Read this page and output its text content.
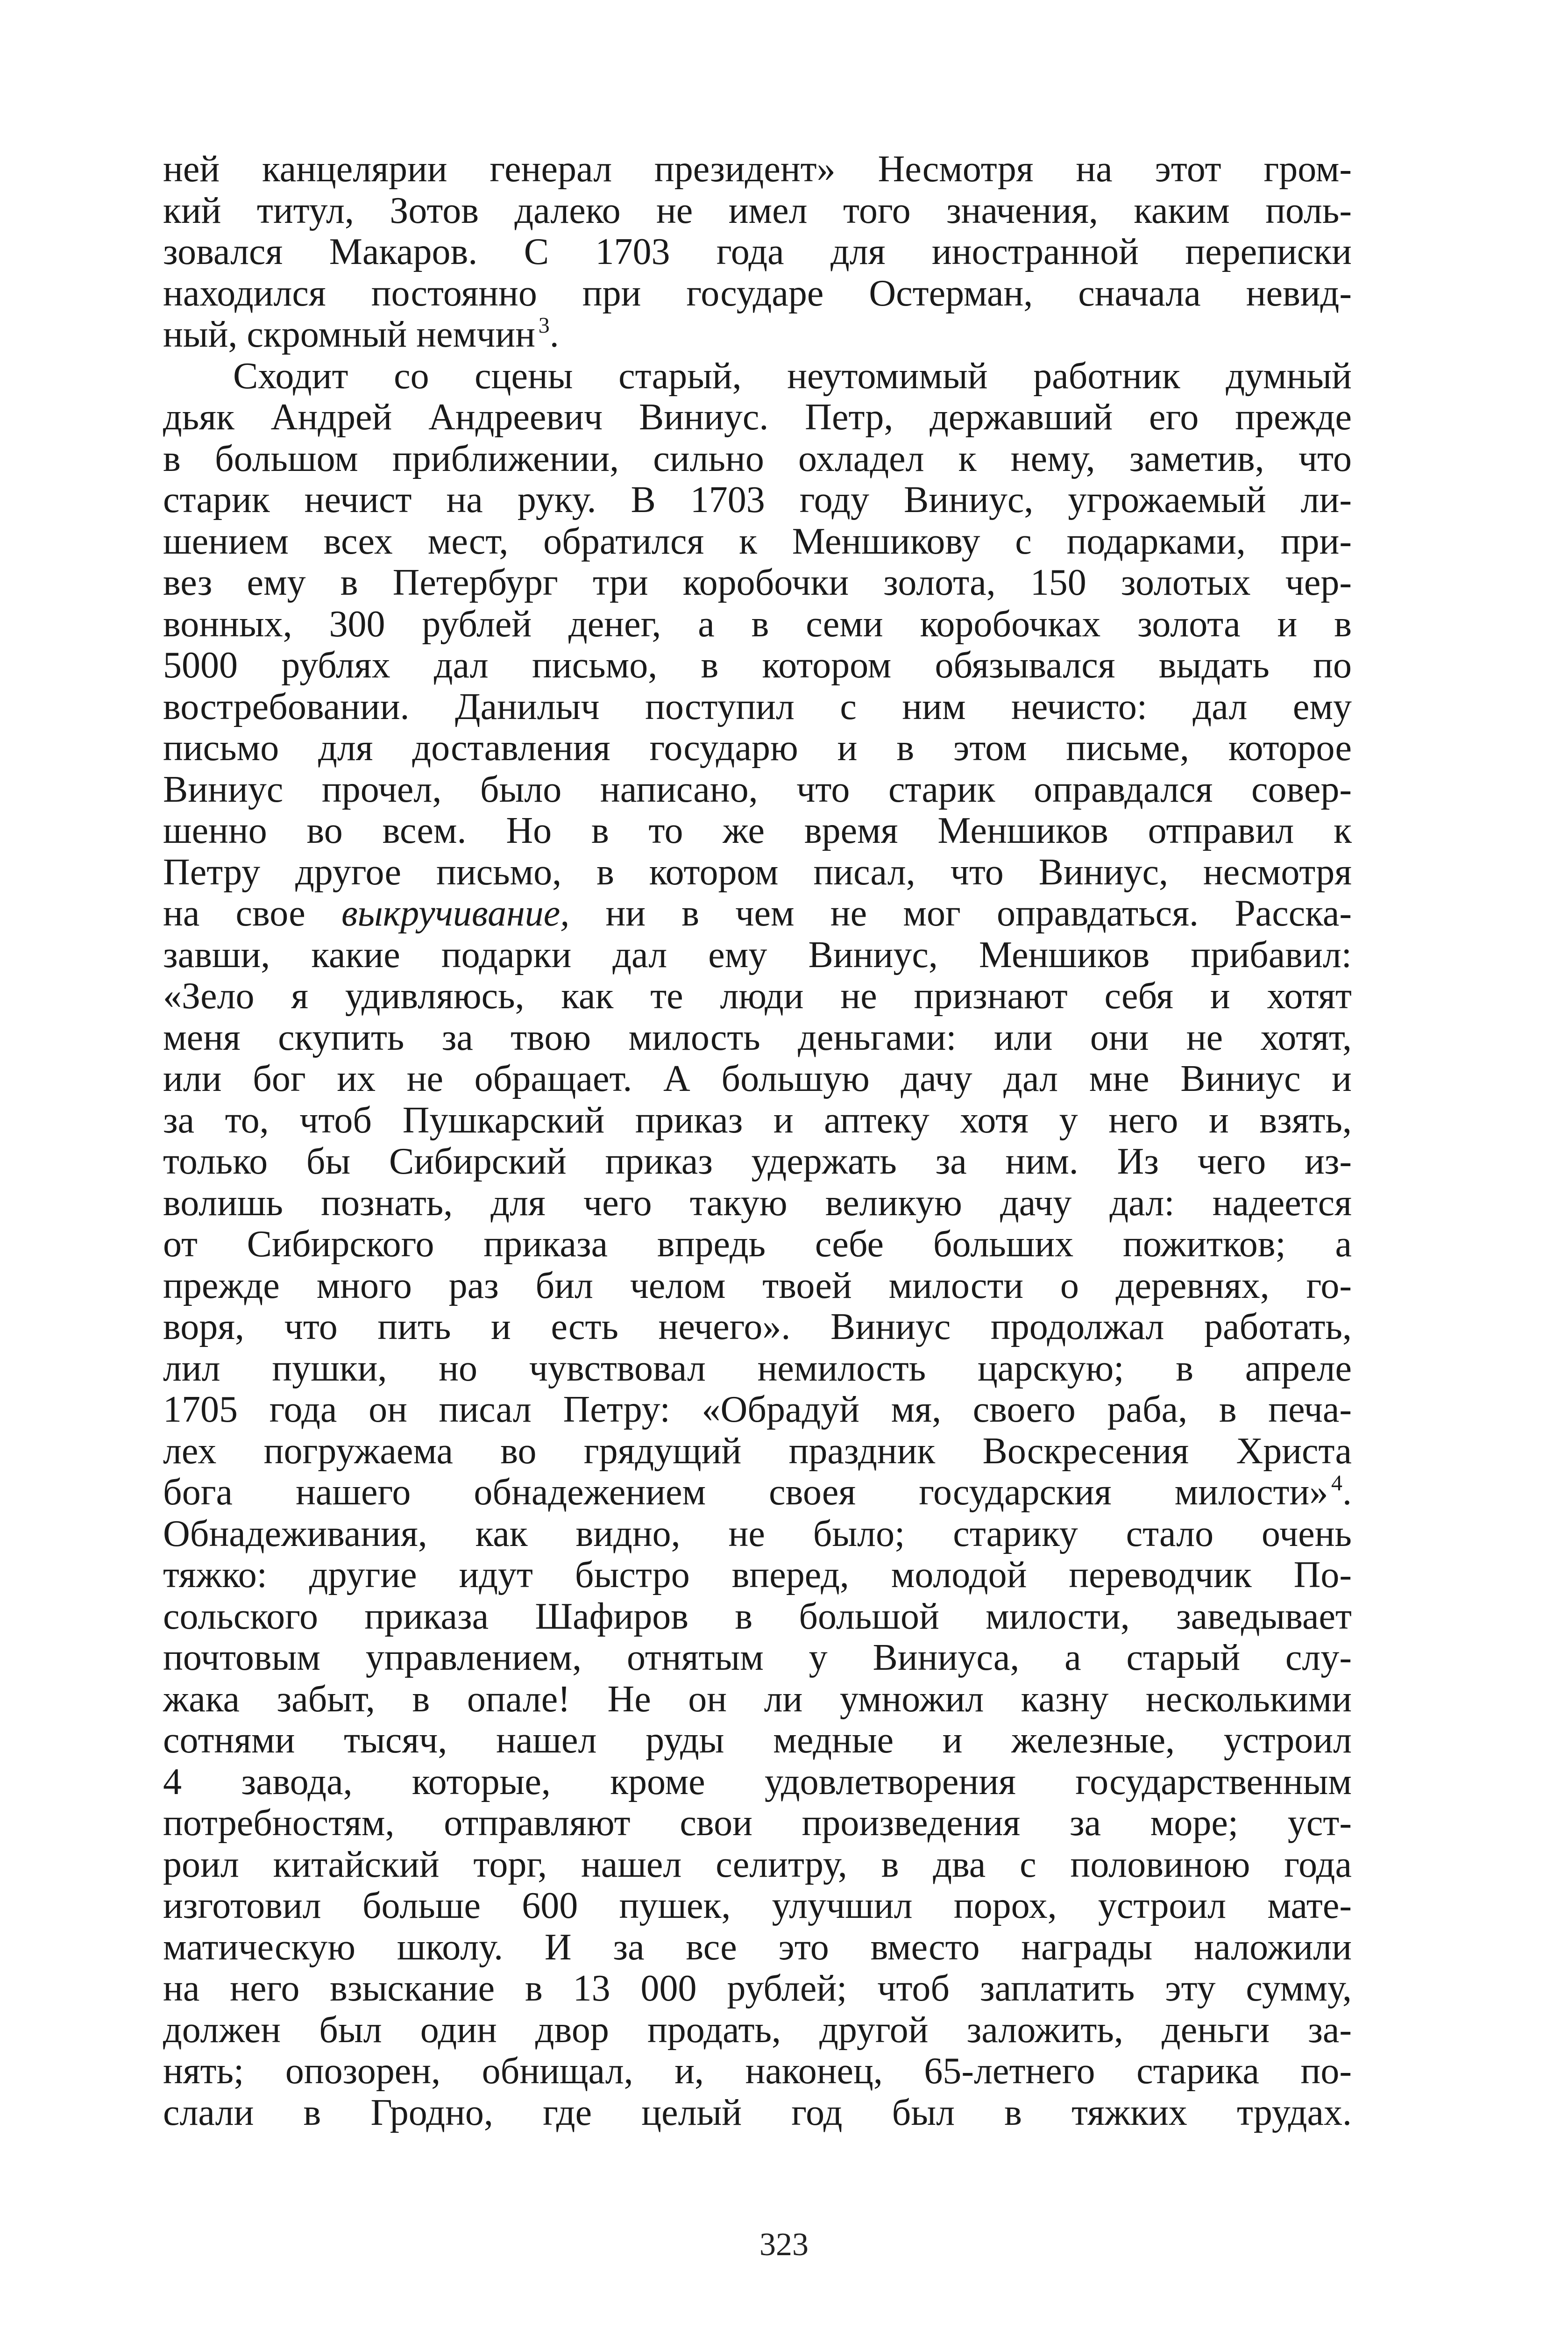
ней канцелярии генерал президент» Несмотря на этот гром-
кий титул, Зотов далеко не имел того значения, каким поль-
зовался Макаров. С 1703 года для иностранной переписки
находился постоянно при государе Остерман, сначала невид-
ный, скромный немчин  $^3$.
Сходит со сцены старый, неутомимый работник думный
дьяк Андрей Андреевич Виниус. Петр, державший его прежде
в большом приближении, сильно охладел к нему, заметив, что
старик нечист на руку. В 1703 году Виниус, угрожаемый ли-
шением всех мест, обратился к Меншикову с подарками, при-
вез ему в Петербург три коробочки золота, 150 золотых чер-
вонных, 300 рублей денег, а в семи коробочках золота и в
5000 рублях дал письмо, в котором обязывался выдать по
востребовании. Данилыч поступил с ним нечисто: дал ему
письмо для доставления государю и в этом письме, которое
Виниус прочел, было написано, что старик оправдался совер-
шенно во всем. Но в то же время Меншиков отправил к
Петру другое письмо, в котором писал, что Виниус, несмотря
на свое выкручивание, ни в чем не мог оправдаться. Расска-
завши, какие подарки дал ему Виниус, Меншиков прибавил:
«Зело я удивляюсь, как те люди не признают себя и хотят
меня скупить за твою милость деньгами: или они не хотят,
или бог их не обращает. А большую дачу дал мне Виниус и
за то, чтоб Пушкарский приказ и аптеку хотя у него и взять,
только бы Сибирский приказ удержать за ним. Из чего из-
волишь познать, для чего такую великую дачу дал: надеется
от Сибирского приказа впредь себе больших пожитков; а
прежде много раз бил челом твоей милости о деревнях, го-
воря, что пить и есть нечего». Виниус продолжал работать,
лил пушки, но чувствовал немилость царскую; в апреле
1705 года он писал Петру: «Обрадуй мя, своего раба, в печа-
лех погружаема во грядущий праздник Воскресения Христа
бога нашего обнадежением своея государския милости»  $^4$.
Обнадеживания, как видно, не было; старику стало очень
тяжко: другие идут быстро вперед, молодой переводчик По-
сольского приказа Шафиров в большой милости, заведывает
почтовым управлением, отнятым у Виниуса, а старый слу-
жака забыт, в опале! Не он ли умножил казну несколькими
сотнями тысяч, нашел руды медные и железные, устроил
4 завода, которые, кроме удовлетворения государственным
потребностям, отправляют свои произведения за море; уст-
роил китайский торг, нашел селитру, в два с половиною года
изготовил больше 600 пушек, улучшил порох, устроил мате-
матическую школу. И за все это вместо награды наложили
на него взыскание в 13 000 рублей; чтоб заплатить эту сумму,
должен был один двор продать, другой заложить, деньги за-
нять; опозорен, обнищал, и, наконец, 65-летнего старика по-
слали в Гродно, где целый год был в тяжких трудах.
323
